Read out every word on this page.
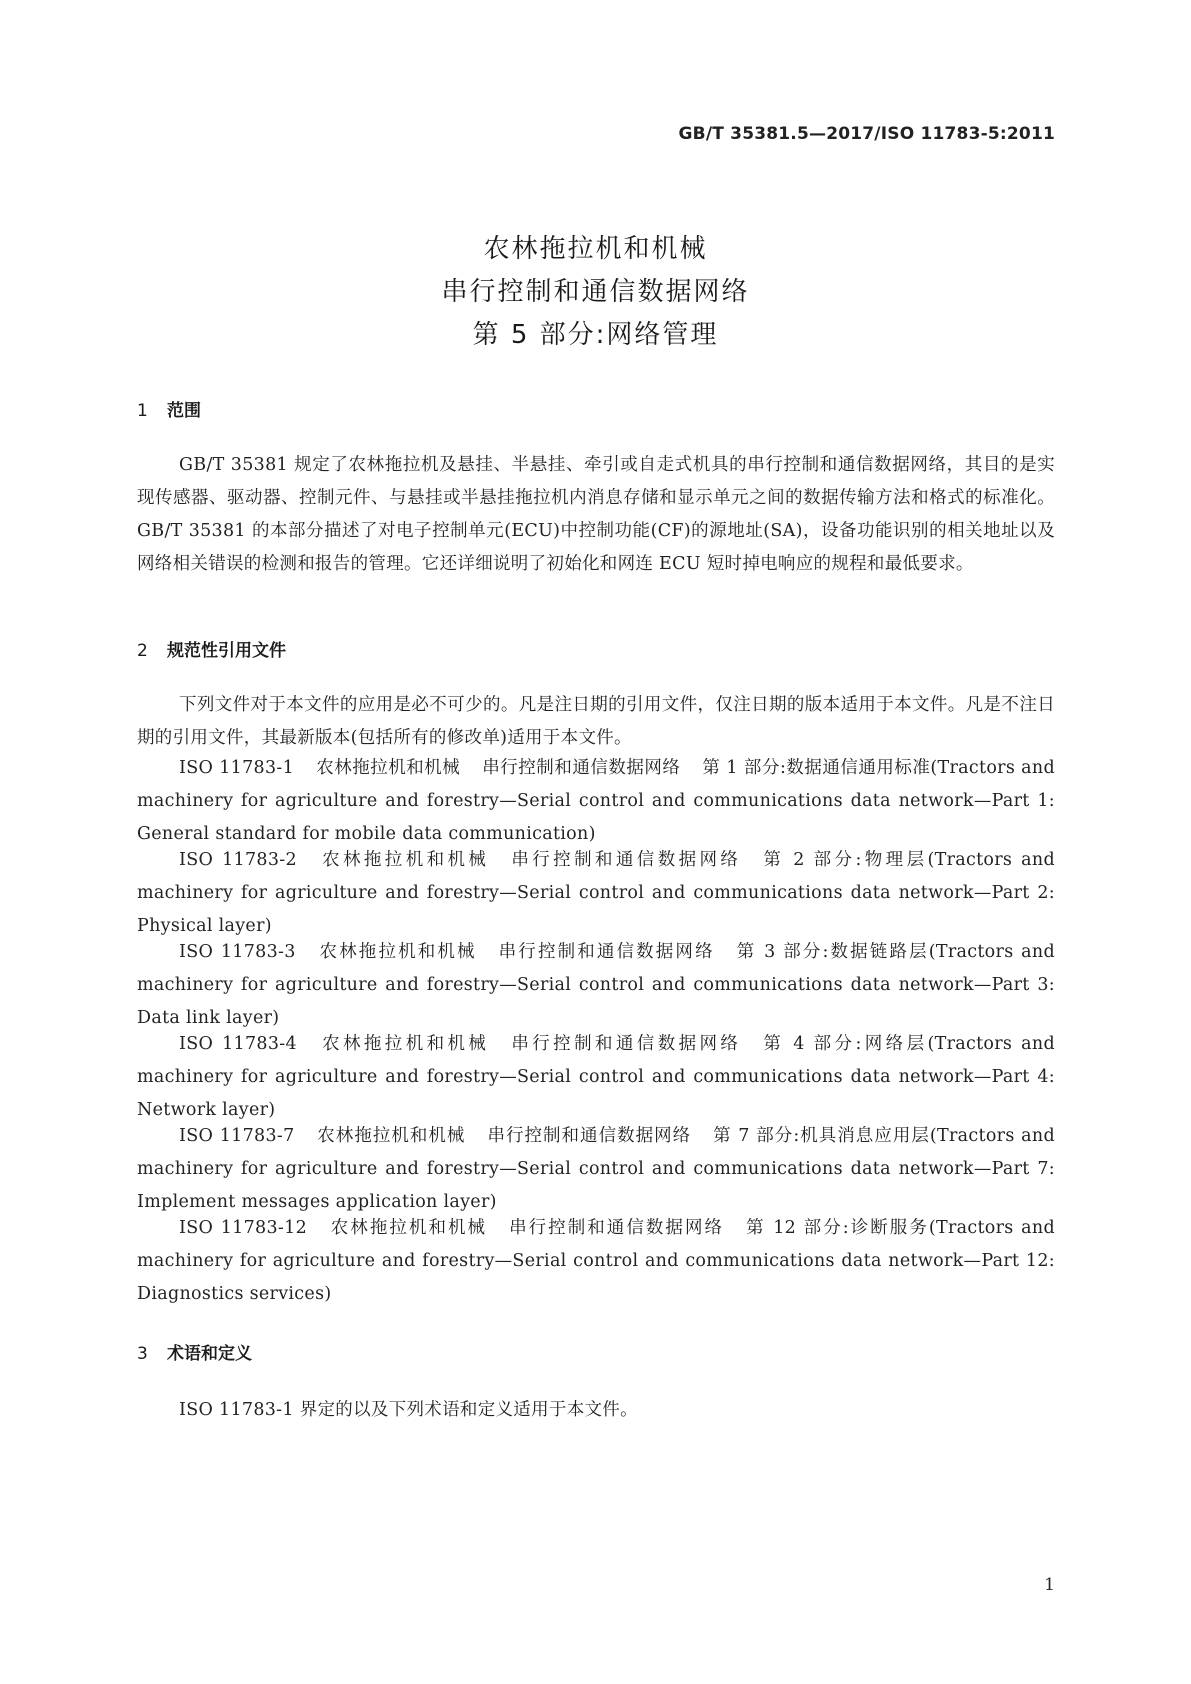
GB/T 35381.5—2017/ISO 11783-5:2011
农林拖拉机和机械
串行控制和通信数据网络
第 5 部分:网络管理
1 范围
GB/T 35381 规定了农林拖拉机及悬挂、半悬挂、牵引或自走式机具的串行控制和通信数据网络，其目的是实现传感器、驱动器、控制元件、与悬挂或半悬挂拖拉机内消息存储和显示单元之间的数据传输方法和格式的标准化。GB/T 35381 的本部分描述了对电子控制单元(ECU)中控制功能(CF)的源地址(SA)，设备功能识别的相关地址以及网络相关错误的检测和报告的管理。它还详细说明了初始化和网连 ECU 短时掉电响应的规程和最低要求。
2 规范性引用文件
下列文件对于本文件的应用是必不可少的。凡是注日期的引用文件，仅注日期的版本适用于本文件。凡是不注日期的引用文件，其最新版本(包括所有的修改单)适用于本文件。
ISO 11783-1 农林拖拉机和机械 串行控制和通信数据网络 第 1 部分:数据通信通用标准(Tractors and machinery for agriculture and forestry—Serial control and communications data network—Part 1: General standard for mobile data communication)
ISO 11783-2 农林拖拉机和机械 串行控制和通信数据网络 第 2 部分:物理层(Tractors and machinery for agriculture and forestry—Serial control and communications data network—Part 2: Physical layer)
ISO 11783-3 农林拖拉机和机械 串行控制和通信数据网络 第 3 部分:数据链路层(Tractors and machinery for agriculture and forestry—Serial control and communications data network—Part 3: Data link layer)
ISO 11783-4 农林拖拉机和机械 串行控制和通信数据网络 第 4 部分:网络层(Tractors and machinery for agriculture and forestry—Serial control and communications data network—Part 4: Network layer)
ISO 11783-7 农林拖拉机和机械 串行控制和通信数据网络 第 7 部分:机具消息应用层(Tractors and machinery for agriculture and forestry—Serial control and communications data network—Part 7: Implement messages application layer)
ISO 11783-12 农林拖拉机和机械 串行控制和通信数据网络 第 12 部分:诊断服务(Tractors and machinery for agriculture and forestry—Serial control and communications data network—Part 12: Diagnostics services)
3 术语和定义
ISO 11783-1 界定的以及下列术语和定义适用于本文件。
1
